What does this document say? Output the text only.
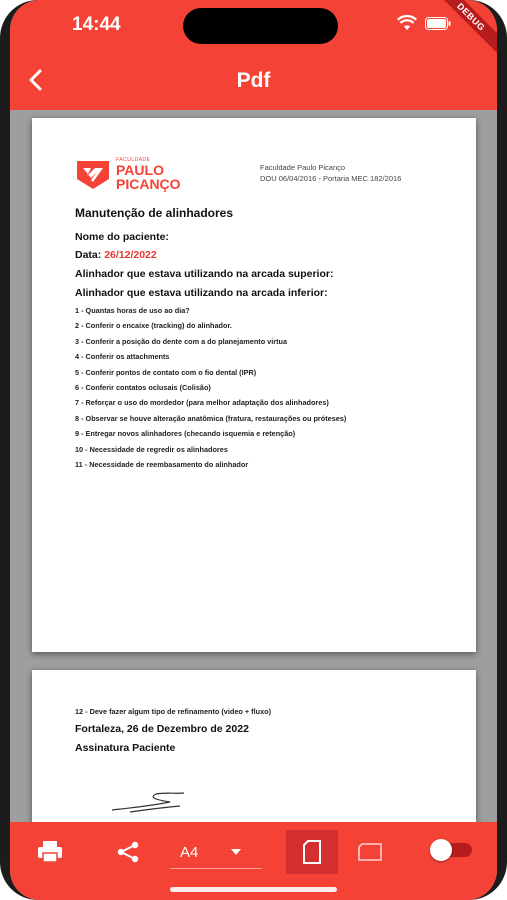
14:44	DEBUG
Pdf
FACULDADE
PAULO
PICANÇO
Faculdade Paulo Picanço
DOU 06/04/2016 - Portaria MEC 182/2016
Manutenção de alinhadores
Nome do paciente:
Data: 26/12/2022
Alinhador que estava utilizando na arcada superior:
Alinhador que estava utilizando na arcada inferior:
1 - Quantas horas de uso ao dia?
2 - Conferir o encaixe (tracking) do alinhador.
3 - Conferir a posição do dente com a do planejamento virtua
4 - Conferir os attachments
5 - Conferir pontos de contato com o fio dental (IPR)
6 - Conferir contatos oclusais (Colisão)
7 - Reforçar o uso do mordedor (para melhor adaptação dos alinhadores)
8 - Observar se houve alteração anatômica (fratura, restaurações ou próteses)
9 - Entregar novos alinhadores (checando isquemia e retenção)
10 - Necessidade de regredir os alinhadores
11 - Necessidade de reembasamento do alinhador
12 - Deve fazer algum tipo de refinamento (video + fluxo)
Fortaleza, 26 de Dezembro de 2022
Assinatura Paciente
A4
